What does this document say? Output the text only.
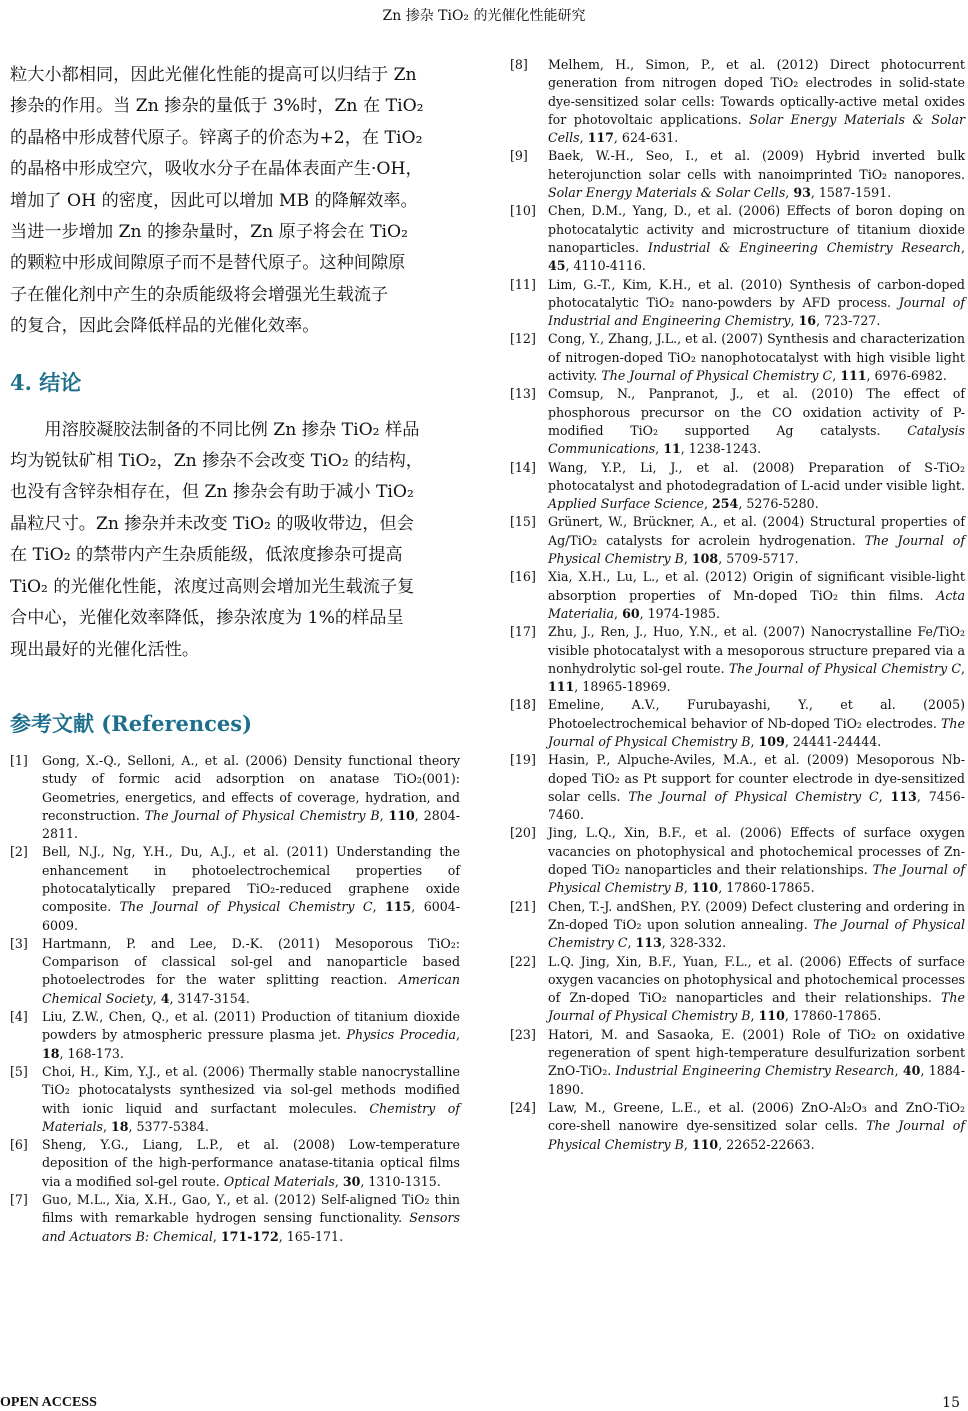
Zn 掺杂 TiO₂ 的光催化性能研究
粒大小都相同，因此光催化性能的提高可以归结于 Zn
掺杂的作用。当 Zn 掺杂的量低于 3%时，Zn 在 TiO₂
的晶格中形成替代原子。锌离子的价态为+2，在 TiO₂
的晶格中形成空穴，吸收水分子在晶体表面产生·OH，
增加了 OH 的密度，因此可以增加 MB 的降解效率。
当进一步增加 Zn 的掺杂量时，Zn 原子将会在 TiO₂
的颗粒中形成间隙原子而不是替代原子。这种间隙原
子在催化剂中产生的杂质能级将会增强光生载流子
的复合，因此会降低样品的光催化效率。
4. 结论
用溶胶凝胶法制备的不同比例 Zn 掺杂 TiO₂ 样品
均为锐钛矿相 TiO₂，Zn 掺杂不会改变 TiO₂ 的结构，
也没有含锌杂相存在，但 Zn 掺杂会有助于减小 TiO₂
晶粒尺寸。Zn 掺杂并未改变 TiO₂ 的吸收带边，但会
在 TiO₂ 的禁带内产生杂质能级，低浓度掺杂可提高
TiO₂ 的光催化性能，浓度过高则会增加光生载流子复
合中心，光催化效率降低，掺杂浓度为 1%的样品呈
现出最好的光催化活性。
参考文献 (References)
[1]	Gong, X.-Q., Selloni, A., et al. (2006) Density functional theory study of formic acid adsorption on anatase TiO₂(001): Geometries, energetics, and effects of coverage, hydration, and reconstruction. The Journal of Physical Chemistry B, 110, 2804-2811.
[2]	Bell, N.J., Ng, Y.H., Du, A.J., et al. (2011) Understanding the enhancement in photoelectrochemical properties of photocatalytically prepared TiO₂-reduced graphene oxide composite. The Journal of Physical Chemistry C, 115, 6004-6009.
[3]	Hartmann, P. and Lee, D.-K. (2011) Mesoporous TiO₂: Comparison of classical sol-gel and nanoparticle based photoelectrodes for the water splitting reaction. American Chemical Society, 4, 3147-3154.
[4]	Liu, Z.W., Chen, Q., et al. (2011) Production of titanium dioxide powders by atmospheric pressure plasma jet. Physics Procedia, 18, 168-173.
[5]	Choi, H., Kim, Y.J., et al. (2006) Thermally stable nanocrystalline TiO₂ photocatalysts synthesized via sol-gel methods modified with ionic liquid and surfactant molecules. Chemistry of Materials, 18, 5377-5384.
[6]	Sheng, Y.G., Liang, L.P., et al. (2008) Low-temperature deposition of the high-performance anatase-titania optical films via a modified sol-gel route. Optical Materials, 30, 1310-1315.
[7]	Guo, M.L., Xia, X.H., Gao, Y., et al. (2012) Self-aligned TiO₂ thin films with remarkable hydrogen sensing functionality. Sensors and Actuators B: Chemical, 171-172, 165-171.
[8]	Melhem, H., Simon, P., et al. (2012) Direct photocurrent generation from nitrogen doped TiO₂ electrodes in solid-state dye-sensitized solar cells: Towards optically-active metal oxides for photovoltaic applications. Solar Energy Materials & Solar Cells, 117, 624-631.
[9]	Baek, W.-H., Seo, I., et al. (2009) Hybrid inverted bulk heterojunction solar cells with nanoimprinted TiO₂ nanopores. Solar Energy Materials & Solar Cells, 93, 1587-1591.
[10] Chen, D.M., Yang, D., et al. (2006) Effects of boron doping on photocatalytic activity and microstructure of titanium dioxide nanoparticles. Industrial & Engineering Chemistry Research, 45, 4110-4116.
[11] Lim, G.-T., Kim, K.H., et al. (2010) Synthesis of carbon-doped photocatalytic TiO₂ nano-powders by AFD process. Journal of Industrial and Engineering Chemistry, 16, 723-727.
[12] Cong, Y., Zhang, J.L., et al. (2007) Synthesis and characterization of nitrogen-doped TiO₂ nanophotocatalyst with high visible light activity. The Journal of Physical Chemistry C, 111, 6976-6982.
[13] Comsup, N., Panpranot, J., et al. (2010) The effect of phosphorous precursor on the CO oxidation activity of P-modified TiO₂ supported Ag catalysts. Catalysis Communications, 11, 1238-1243.
[14] Wang, Y.P., Li, J., et al. (2008) Preparation of S-TiO₂ photocatalyst and photodegradation of L-acid under visible light. Applied Surface Science, 254, 5276-5280.
[15] Grünert, W., Brückner, A., et al. (2004) Structural properties of Ag/TiO₂ catalysts for acrolein hydrogenation. The Journal of Physical Chemistry B, 108, 5709-5717.
[16] Xia, X.H., Lu, L., et al. (2012) Origin of significant visible-light absorption properties of Mn-doped TiO₂ thin films. Acta Materialia, 60, 1974-1985.
[17] Zhu, J., Ren, J., Huo, Y.N., et al. (2007) Nanocrystalline Fe/TiO₂ visible photocatalyst with a mesoporous structure prepared via a nonhydrolytic sol-gel route. The Journal of Physical Chemistry C, 111, 18965-18969.
[18] Emeline, A.V., Furubayashi, Y., et al. (2005) Photoelectrochemical behavior of Nb-doped TiO₂ electrodes. The Journal of Physical Chemistry B, 109, 24441-24444.
[19] Hasin, P., Alpuche-Aviles, M.A., et al. (2009) Mesoporous Nb-doped TiO₂ as Pt support for counter electrode in dye-sensitized solar cells. The Journal of Physical Chemistry C, 113, 7456-7460.
[20] Jing, L.Q., Xin, B.F., et al. (2006) Effects of surface oxygen vacancies on photophysical and photochemical processes of Zn-doped TiO₂ nanoparticles and their relationships. The Journal of Physical Chemistry B, 110, 17860-17865.
[21] Chen, T.-J. andShen, P.Y. (2009) Defect clustering and ordering in Zn-doped TiO₂ upon solution annealing. The Journal of Physical Chemistry C, 113, 328-332.
[22] L.Q. Jing, Xin, B.F., Yuan, F.L., et al. (2006) Effects of surface oxygen vacancies on photophysical and photochemical processes of Zn-doped TiO₂ nanoparticles and their relationships. The Journal of Physical Chemistry B, 110, 17860-17865.
[23] Hatori, M. and Sasaoka, E. (2001) Role of TiO₂ on oxidative regeneration of spent high-temperature desulfurization sorbent ZnO-TiO₂. Industrial Engineering Chemistry Research, 40, 1884-1890.
[24] Law, M., Greene, L.E., et al. (2006) ZnO-Al₂O₃ and ZnO-TiO₂ core-shell nanowire dye-sensitized solar cells. The Journal of Physical Chemistry B, 110, 22652-22663.
OPEN ACCESS	15
